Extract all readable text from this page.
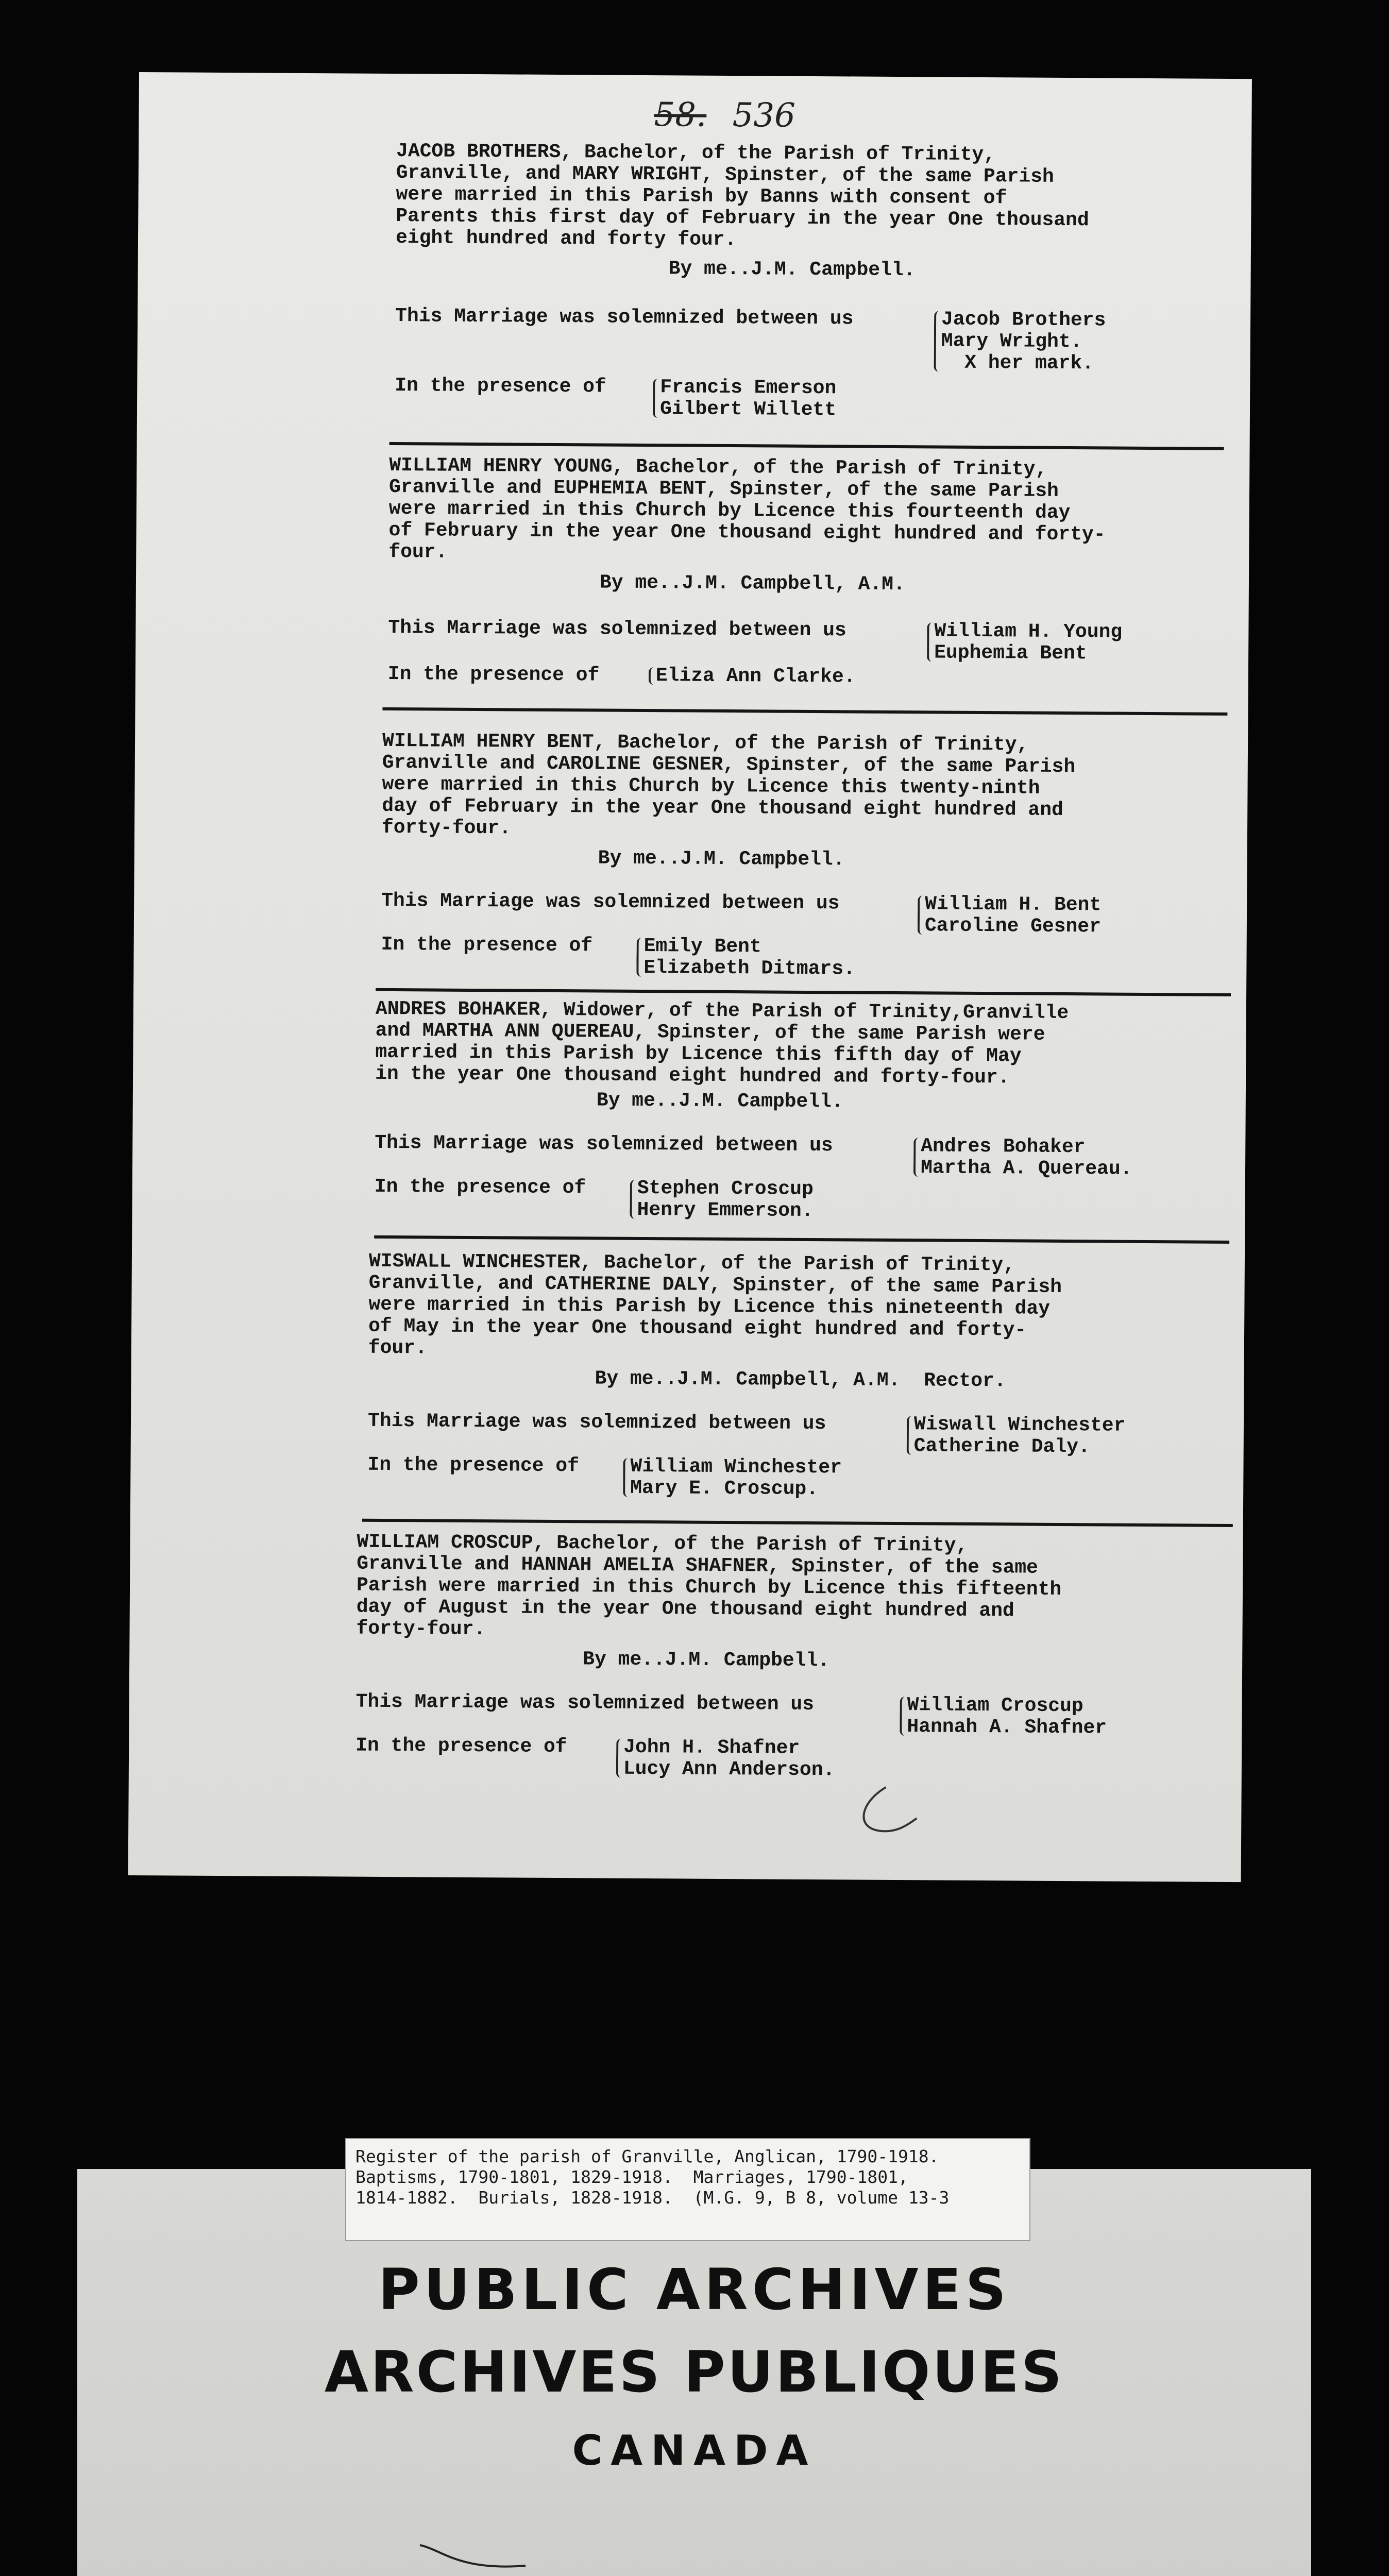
58. 536
JACOB BROTHERS, Bachelor, of the Parish of Trinity,
Granville, and MARY WRIGHT, Spinster, of the same Parish
were married in this Parish by Banns with consent of
Parents this first day of February in the year One thousand
eight hundred and forty four.
By me..J.M. Campbell.
This Marriage was solemnized between us	Jacob Brothers
Mary Wright.
X her mark.
In the presence of	Francis Emerson
Gilbert Willett
WILLIAM HENRY YOUNG, Bachelor, of the Parish of Trinity,
Granville and EUPHEMIA BENT, Spinster, of the same Parish
were married in this Church by Licence this fourteenth day
of February in the year One thousand eight hundred and forty-
four.
By me..J.M. Campbell, A.M.
This Marriage was solemnized between us	William H. Young
Euphemia Bent
In the presence of	Eliza Ann Clarke.
WILLIAM HENRY BENT, Bachelor, of the Parish of Trinity,
Granville and CAROLINE GESNER, Spinster, of the same Parish
were married in this Church by Licence this twenty-ninth
day of February in the year One thousand eight hundred and
forty-four.
By me..J.M. Campbell.
This Marriage was solemnized between us	William H. Bent
Caroline Gesner
In the presence of	Emily Bent
Elizabeth Ditmars.
ANDRES BOHAKER, Widower, of the Parish of Trinity,Granville
and MARTHA ANN QUEREAU, Spinster, of the same Parish were
married in this Parish by Licence this fifth day of May
in the year One thousand eight hundred and forty-four.
By me..J.M. Campbell.
This Marriage was solemnized between us	Andres Bohaker
Martha A. Quereau.
In the presence of	Stephen Croscup
Henry Emmerson.
WISWALL WINCHESTER, Bachelor, of the Parish of Trinity,
Granville, and CATHERINE DALY, Spinster, of the same Parish
were married in this Parish by Licence this nineteenth day
of May in the year One thousand eight hundred and forty-
four.
By me..J.M. Campbell, A.M.  Rector.
This Marriage was solemnized between us	Wiswall Winchester
Catherine Daly.
In the presence of	William Winchester
Mary E. Croscup.
WILLIAM CROSCUP, Bachelor, of the Parish of Trinity,
Granville and HANNAH AMELIA SHAFNER, Spinster, of the same
Parish were married in this Church by Licence this fifteenth
day of August in the year One thousand eight hundred and
forty-four.
By me..J.M. Campbell.
This Marriage was solemnized between us	William Croscup
Hannah A. Shafner
In the presence of	John H. Shafner
Lucy Ann Anderson.
Register of the parish of Granville, Anglican, 1790-1918.
Baptisms, 1790-1801, 1829-1918.  Marriages, 1790-1801,
1814-1882.  Burials, 1828-1918.  (M.G. 9, B 8, volume 13-3
PUBLIC ARCHIVES
ARCHIVES PUBLIQUES
CANADA
